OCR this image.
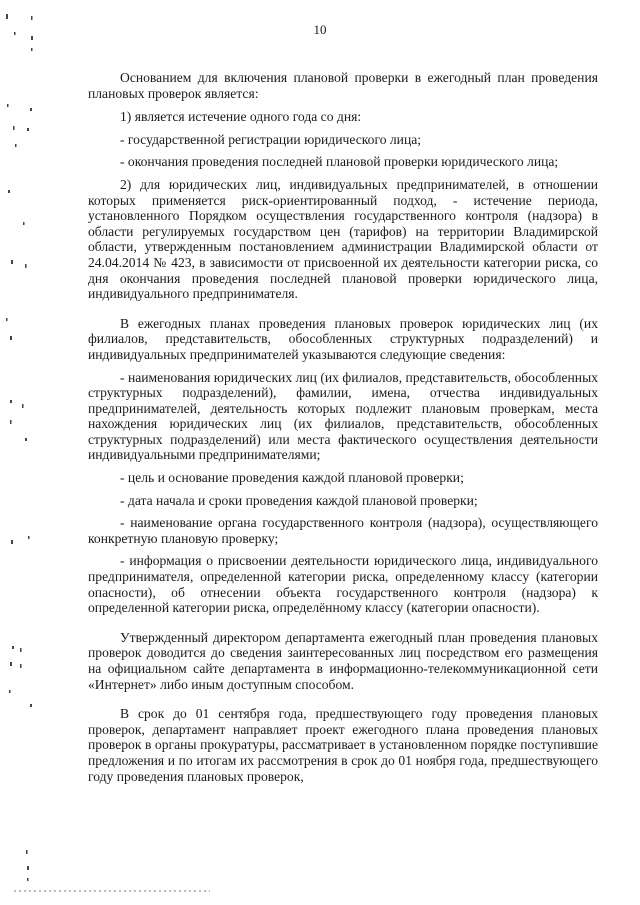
10

Основанием для включения плановой проверки в ежегодный план проведения плановых проверок является:

1) является истечение одного года со дня:

- государственной регистрации юридического лица;

- окончания проведения последней плановой проверки юридического лица;

2) для юридических лиц, индивидуальных предпринимателей, в отношении которых применяется риск-ориентированный подход, - истечение периода, установленного Порядком осуществления государственного контроля (надзора) в области регулируемых государством цен (тарифов) на территории Владимирской области, утвержденным постановлением администрации Владимирской области от 24.04.2014 № 423, в зависимости от присвоенной их деятельности категории риска, со дня окончания проведения последней плановой проверки юридического лица, индивидуального предпринимателя.

В ежегодных планах проведения плановых проверок юридических лиц (их филиалов, представительств, обособленных структурных подразделений) и индивидуальных предпринимателей указываются следующие сведения:

- наименования юридических лиц (их филиалов, представительств, обособленных структурных подразделений), фамилии, имена, отчества индивидуальных предпринимателей, деятельность которых подлежит плановым проверкам, места нахождения юридических лиц (их филиалов, представительств, обособленных структурных подразделений) или места фактического осуществления деятельности индивидуальными предпринимателями;

- цель и основание проведения каждой плановой проверки;

- дата начала и сроки проведения каждой плановой проверки;

- наименование органа государственного контроля (надзора), осуществляющего конкретную плановую проверку;

- информация о присвоении деятельности юридического лица, индивидуального предпринимателя, определенной категории риска, определенному классу (категории опасности), об отнесении объекта государственного контроля (надзора) к определенной категории риска, определённому классу (категории опасности).

Утвержденный директором департамента ежегодный план проведения плановых проверок доводится до сведения заинтересованных лиц посредством его размещения на официальном сайте департамента в информационно-телекоммуникационной сети «Интернет» либо иным доступным способом.

В срок до 01 сентября года, предшествующего году проведения плановых проверок, департамент направляет проект ежегодного плана проведения плановых проверок в органы прокуратуры, рассматривает в установленном порядке поступившие предложения и по итогам их рассмотрения в срок до 01 ноября года, предшествующего году проведения плановых проверок,
